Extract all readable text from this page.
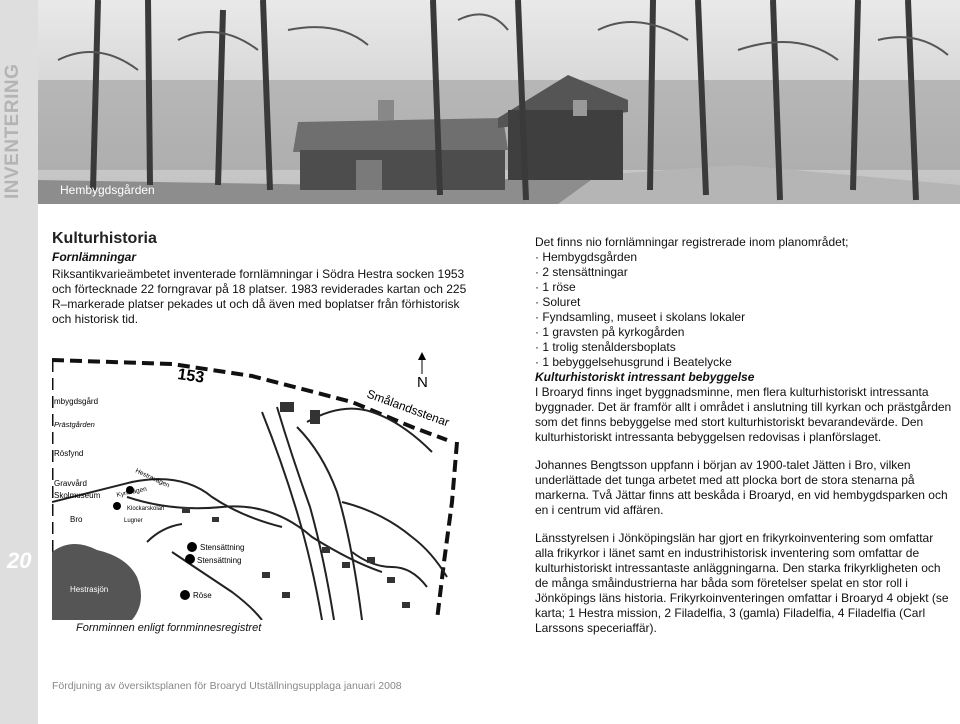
INVENTERING
20
Hembygdsgården
Kulturhistoria
Fornlämningar

Riksantikvarieämbetet inventerade fornlämningar i Södra Hestra socken 1953 och förtecknade 22 forngravar på 18 platser. 1983 reviderades kartan och 225 R–markerade platser pekades ut och då även med boplatser från förhistorisk och historisk tid.

153	N
Smålandsstenar
mbygdsgård
Prästgården
Rösfynd
Gravvård
Skolmuseum
Bro
Hestravägen
Kyrkvägen
Klockarskolan
Lugner
Stensättning
Stensättning
Röse
Hestrasjön
Fornminnen enligt fornminnesregistret

Det finns nio fornlämningar registrerade inom planområdet;

· Hembygdsgården
· 2 stensättningar
· 1 röse
· Soluret
· Fyndsamling, museet i skolans lokaler
· 1 gravsten på kyrkogården
· 1 trolig stenåldersboplats
· 1 bebyggelsehusgrund i Beatelycke

Kulturhistoriskt intressant bebyggelse

I Broaryd finns inget byggnadsminne, men flera kulturhistoriskt intressanta byggnader. Det är framför allt i området i anslutning till kyrkan och prästgården som det finns bebyggelse med stort kulturhistoriskt bevarandevärde. Den kulturhistoriskt intressanta bebyggelsen redovisas i planförslaget.

Johannes Bengtsson uppfann i början av 1900-talet Jätten i Bro, vilken underlättade det tunga arbetet med att plocka bort de stora stenarna på markerna. Två Jättar finns att beskåda i Broaryd, en vid hembygdsparken och en i centrum vid affären.

Länsstyrelsen i Jönköpingslän har gjort en frikyrkoinventering som omfattar alla frikyrkor i länet samt en industrihistorisk inventering som omfattar de kulturhistoriskt intressantaste anläggningarna. Den starka frikyrkligheten och de många småindustrierna har båda som företelser spelat en stor roll i Jönköpings läns historia. Frikyrkoinventeringen omfattar i Broaryd 4 objekt (se karta; 1 Hestra mission, 2 Filadelfia, 3 (gamla) Filadelfia, 4 Filadelfia (Carl Larssons speceriaffär).

Fördjuning av översiktsplanen för Broaryd Utställningsupplaga januari 2008
